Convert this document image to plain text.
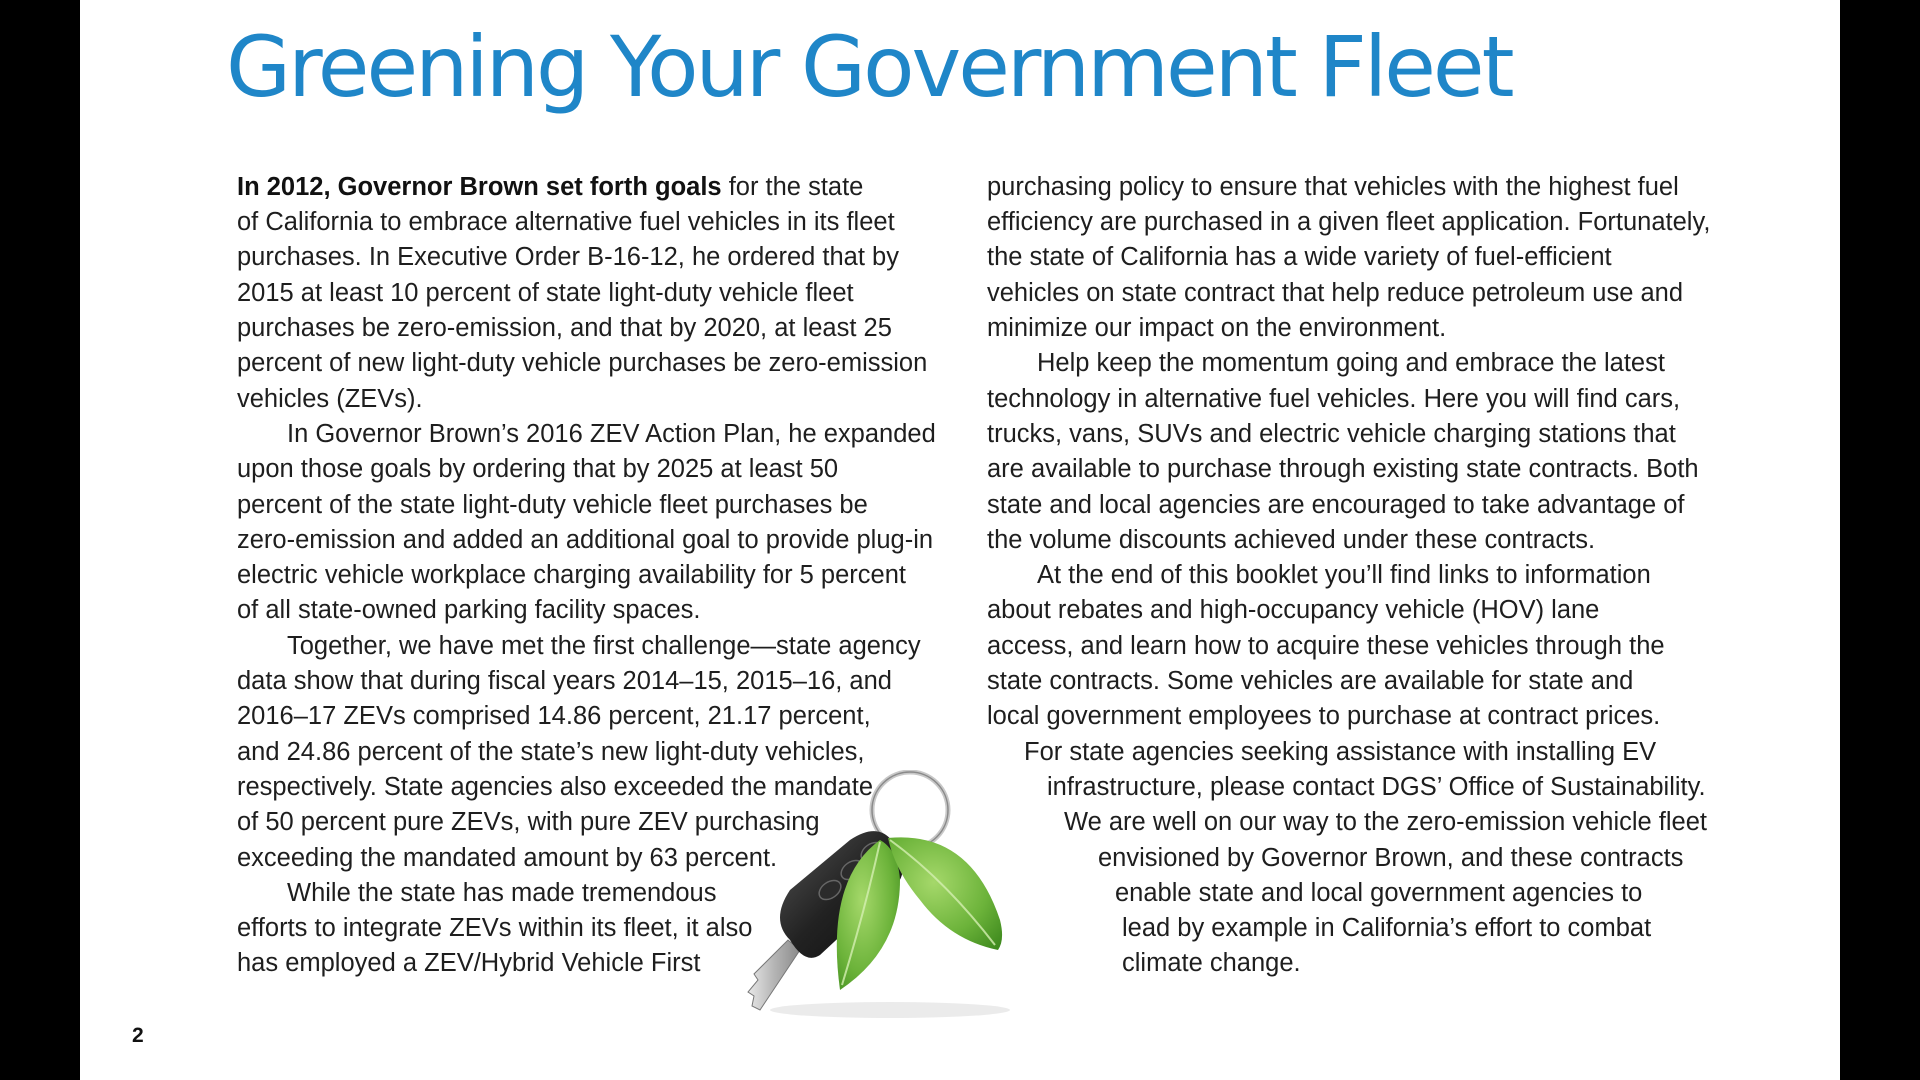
Greening Your Government Fleet
In 2012, Governor Brown set forth goals for the state
of California to embrace alternative fuel vehicles in its fleet
purchases. In Executive Order B-16-12, he ordered that by
2015 at least 10 percent of state light-duty vehicle fleet
purchases be zero-emission, and that by 2020, at least 25
percent of new light-duty vehicle purchases be zero-emission
vehicles (ZEVs).
In Governor Brown’s 2016 ZEV Action Plan, he expanded
upon those goals by ordering that by 2025 at least 50
percent of the state light-duty vehicle fleet purchases be
zero-emission and added an additional goal to provide plug-in
electric vehicle workplace charging availability for 5 percent
of all state-owned parking facility spaces.
Together, we have met the first challenge—state agency
data show that during fiscal years 2014–15, 2015–16, and
2016–17 ZEVs comprised 14.86 percent, 21.17 percent,
and 24.86 percent of the state’s new light-duty vehicles,
respectively. State agencies also exceeded the mandate
of 50 percent pure ZEVs, with pure ZEV purchasing
exceeding the mandated amount by 63 percent.
While the state has made tremendous
efforts to integrate ZEVs within its fleet, it also
has employed a ZEV/Hybrid Vehicle First
purchasing policy to ensure that vehicles with the highest fuel
efficiency are purchased in a given fleet application. Fortunately,
the state of California has a wide variety of fuel-efficient
vehicles on state contract that help reduce petroleum use and
minimize our impact on the environment.
Help keep the momentum going and embrace the latest
technology in alternative fuel vehicles. Here you will find cars,
trucks, vans, SUVs and electric vehicle charging stations that
are available to purchase through existing state contracts. Both
state and local agencies are encouraged to take advantage of
the volume discounts achieved under these contracts.
At the end of this booklet you’ll find links to information
about rebates and high-occupancy vehicle (HOV) lane
access, and learn how to acquire these vehicles through the
state contracts. Some vehicles are available for state and
local government employees to purchase at contract prices.
For state agencies seeking assistance with installing EV
infrastructure, please contact DGS’ Office of Sustainability.
We are well on our way to the zero-emission vehicle fleet
envisioned by Governor Brown, and these contracts
enable state and local government agencies to
lead by example in California’s effort to combat
climate change.
2
